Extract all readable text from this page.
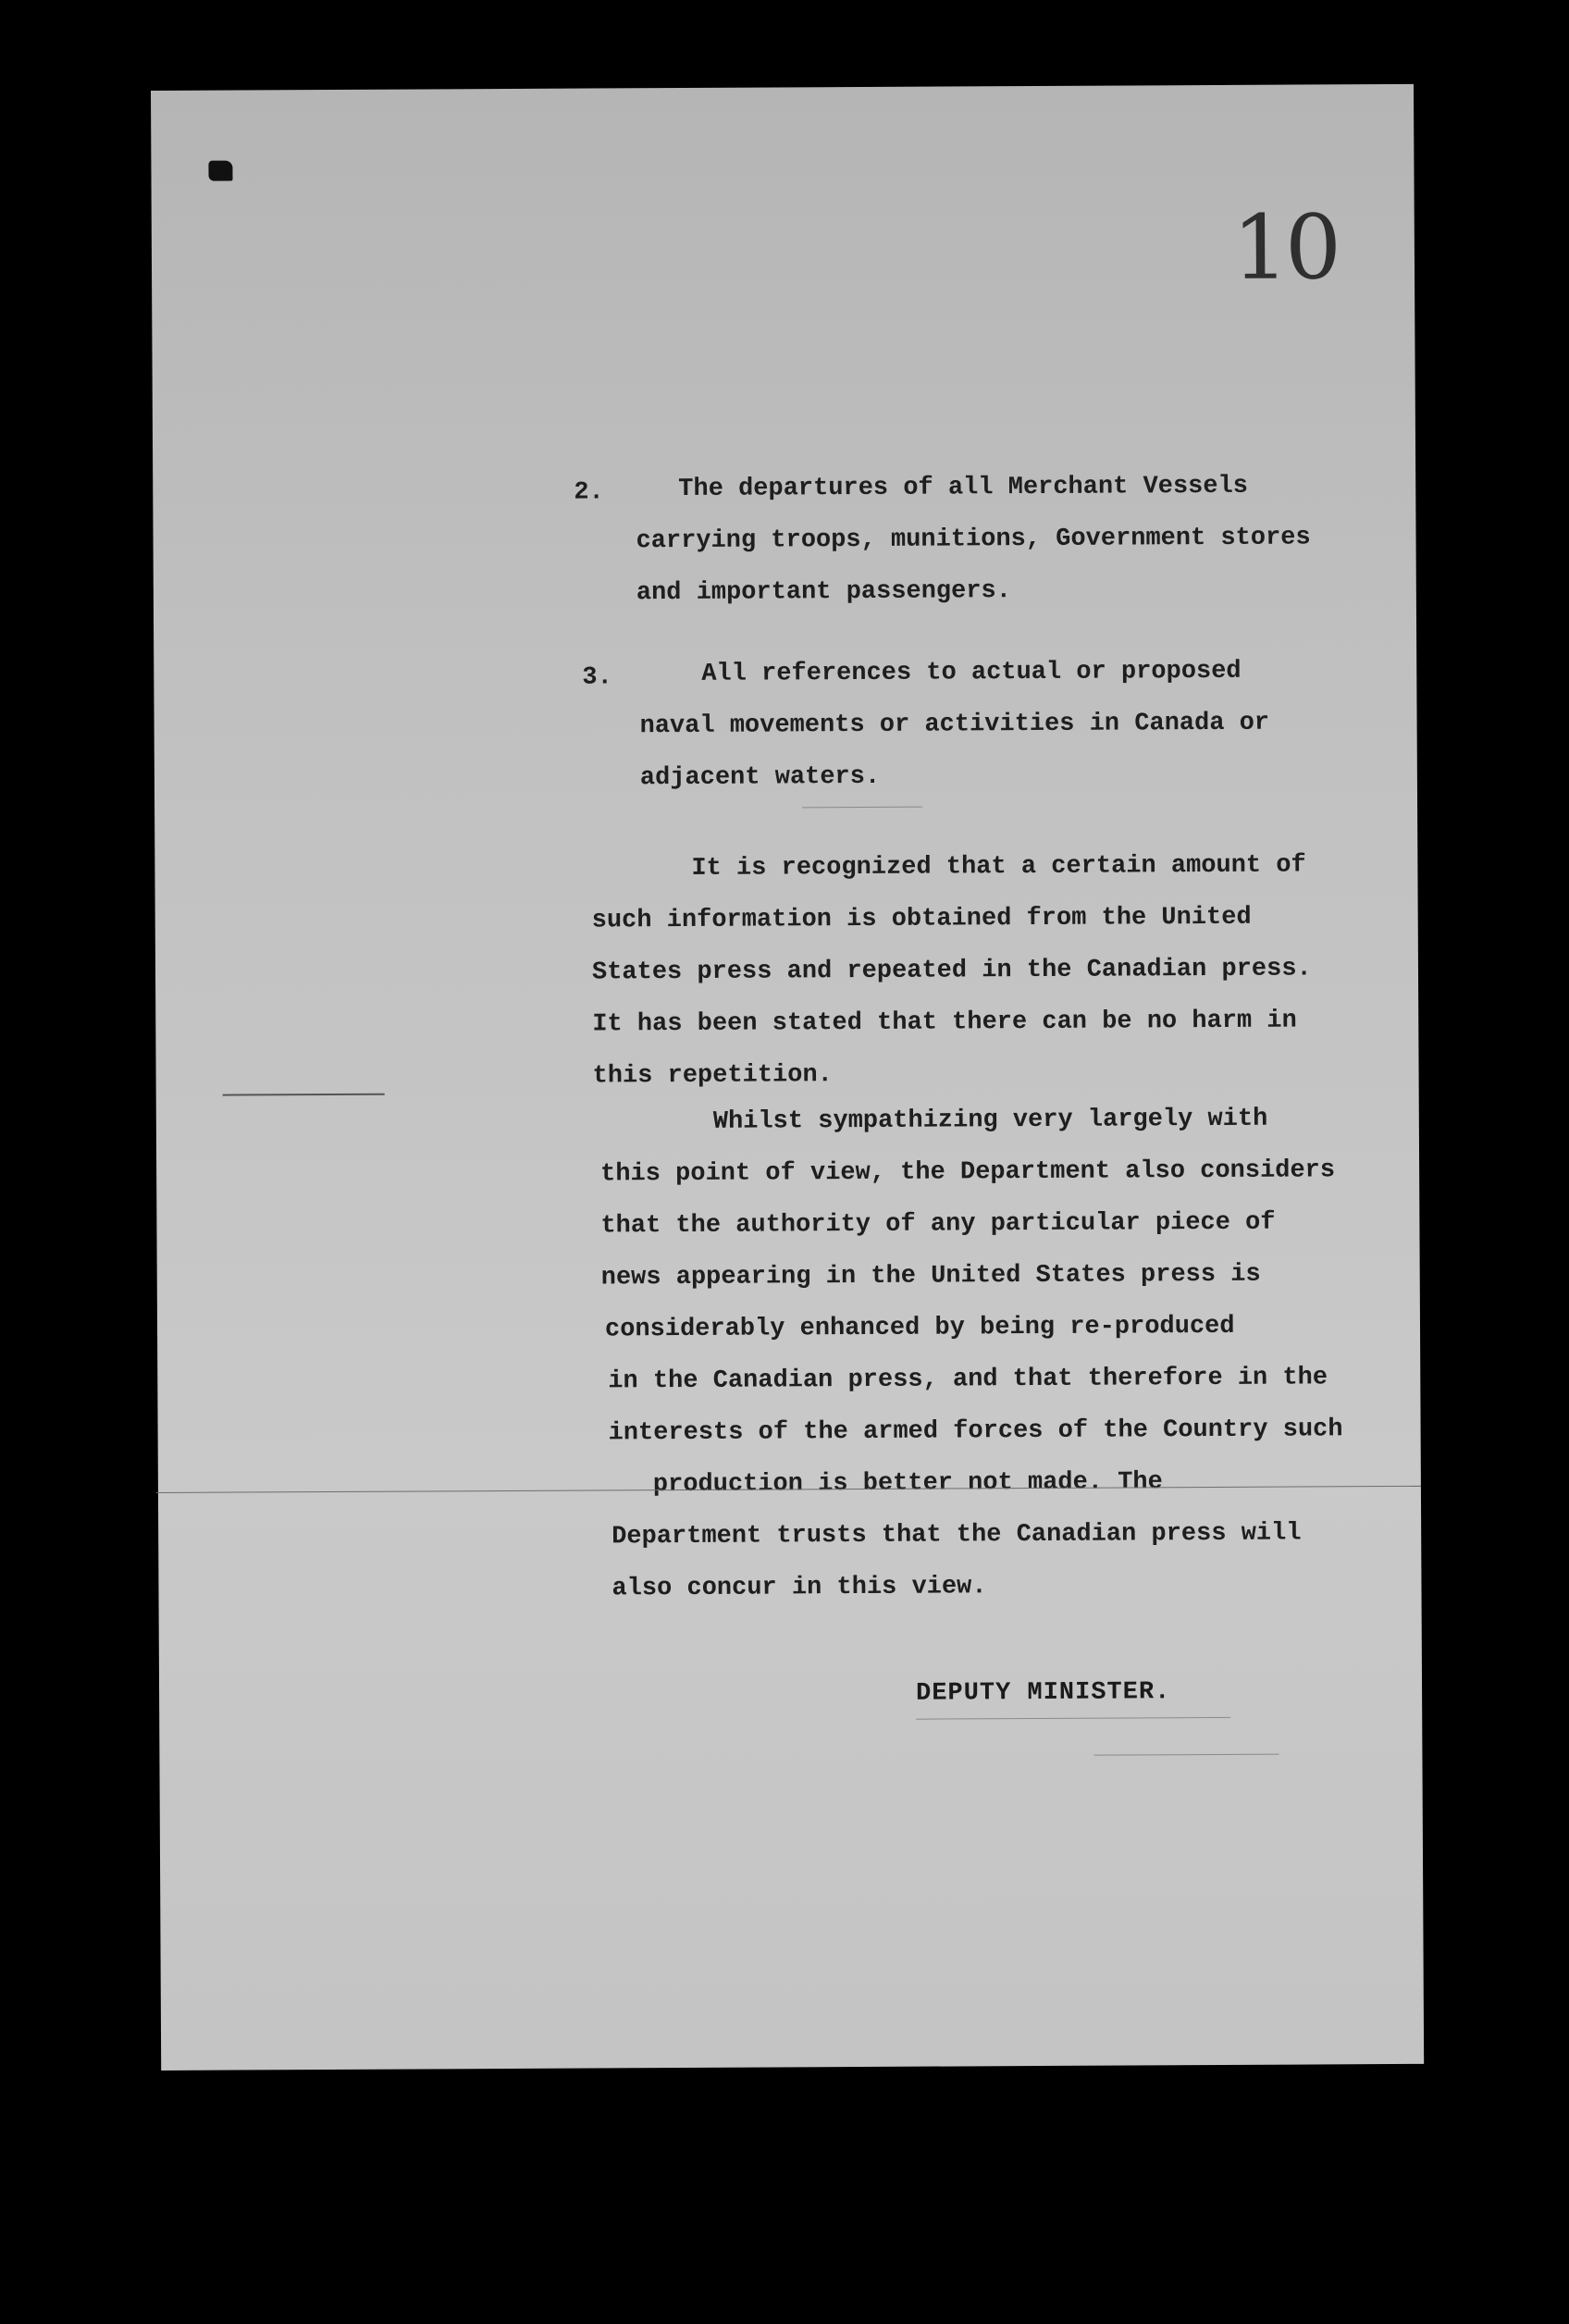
10
2.	The departures of all Merchant Vessels
carrying troops, munitions, Government stores
and important passengers.
3.	All references to actual or proposed
naval movements or activities in Canada or
adjacent waters.
It is recognized that a certain amount of
such information is obtained from the United
States press and repeated in the Canadian press.
It has been stated that there can be no harm in
this repetition.
Whilst sympathizing very largely with
this point of view, the Department also considers
that the authority of any particular piece of
news appearing in the United States press is
considerably enhanced by being re-produced
in the Canadian press, and that therefore in the
interests of the armed forces of the Country such
production is better not made. The
Department trusts that the Canadian press will
also concur in this view.
DEPUTY MINISTER.
